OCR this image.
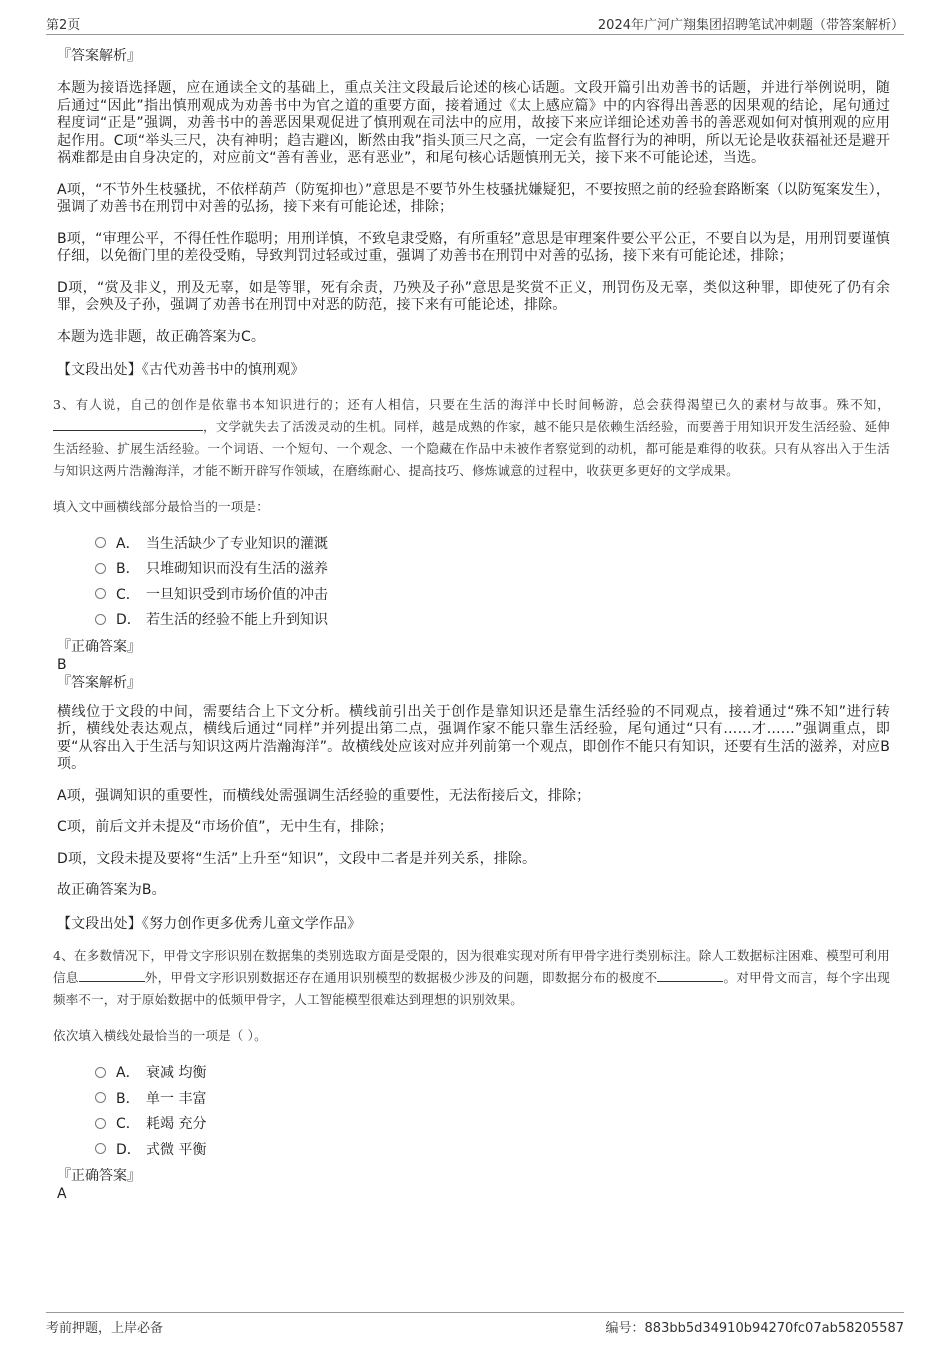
第2页	2024年广河广翔集团招聘笔试冲刺题（带答案解析）

『答案解析』

本题为接语选择题，应在通读全文的基础上，重点关注文段最后论述的核心话题。文段开篇引出劝善书的话题，并进行举例说明，随后通过“因此”指出慎刑观成为劝善书中为官之道的重要方面，接着通过《太上感应篇》中的内容得出善恶的因果观的结论，尾句通过程度词“正是”强调，劝善书中的善恶因果观促进了慎刑观在司法中的应用，故接下来应详细论述劝善书的善恶观如何对慎刑观的应用起作用。C项“举头三尺，决有神明；趋吉避凶，断然由我”指头顶三尺之高，一定会有监督行为的神明，所以无论是收获福祉还是避开祸难都是由自身决定的，对应前文“善有善业，恶有恶业”，和尾句核心话题慎刑无关，接下来不可能论述，当选。

A项，“不节外生枝骚扰，不依样葫芦（防冤抑也）”意思是不要节外生枝骚扰嫌疑犯，不要按照之前的经验套路断案（以防冤案发生），强调了劝善书在刑罚中对善的弘扬，接下来有可能论述，排除；

B项，“审理公平，不得任性作聪明；用刑详慎，不致皂隶受赂，有所重轻”意思是审理案件要公平公正，不要自以为是，用刑罚要谨慎仔细，以免衙门里的差役受贿，导致判罚过轻或过重，强调了劝善书在刑罚中对善的弘扬，接下来有可能论述，排除；

D项，“赏及非义，刑及无辜，如是等罪，死有余责，乃殃及子孙”意思是奖赏不正义，刑罚伤及无辜，类似这种罪，即使死了仍有余罪，会殃及子孙，强调了劝善书在刑罚中对恶的防范，接下来有可能论述，排除。

本题为选非题，故正确答案为C。

【文段出处】《古代劝善书中的慎刑观》

3、有人说，自己的创作是依靠书本知识进行的；还有人相信，只要在生活的海洋中长时间畅游，总会获得渴望已久的素材与故事。殊不知，，文学就失去了活泼灵动的生机。同样，越是成熟的作家，越不能只是依赖生活经验，而要善于用知识开发生活经验、延伸生活经验、扩展生活经验。一个词语、一个短句、一个观念、一个隐藏在作品中未被作者察觉到的动机，都可能是难得的收获。只有从容出入于生活与知识这两片浩瀚海洋，才能不断开辟写作领域，在磨练耐心、提高技巧、修炼诚意的过程中，收获更多更好的文学成果。

填入文中画横线部分最恰当的一项是：

A． 当生活缺少了专业知识的灌溉
B． 只堆砌知识而没有生活的滋养
C． 一旦知识受到市场价值的冲击
D． 若生活的经验不能上升到知识

『正确答案』

B

『答案解析』

横线位于文段的中间，需要结合上下文分析。横线前引出关于创作是靠知识还是靠生活经验的不同观点，接着通过“殊不知”进行转折，横线处表达观点，横线后通过“同样”并列提出第二点，强调作家不能只靠生活经验，尾句通过“只有……才……”强调重点，即要“从容出入于生活与知识这两片浩瀚海洋”。故横线处应该对应并列前第一个观点，即创作不能只有知识，还要有生活的滋养，对应B项。

A项，强调知识的重要性，而横线处需强调生活经验的重要性，无法衔接后文，排除；

C项，前后文并未提及“市场价值”，无中生有，排除；

D项，文段未提及要将“生活”上升至“知识”，文段中二者是并列关系，排除。

故正确答案为B。

【文段出处】《努力创作更多优秀儿童文学作品》

4、在多数情况下，甲骨文字形识别在数据集的类别选取方面是受限的，因为很难实现对所有甲骨字进行类别标注。除人工数据标注困难、模型可利用信息	外，甲骨文字形识别数据还存在通用识别模型的数据极少涉及的问题，即数据分布的极度不	。对甲骨文而言，每个字出现频率不一，对于原始数据中的低频甲骨字，人工智能模型很难达到理想的识别效果。

依次填入横线处最恰当的一项是（ ）。

A． 衰减 均衡
B． 单一 丰富
C． 耗竭 充分
D． 式微 平衡

『正确答案』

A

考前押题，上岸必备	编号：883bb5d34910b94270fc07ab58205587
